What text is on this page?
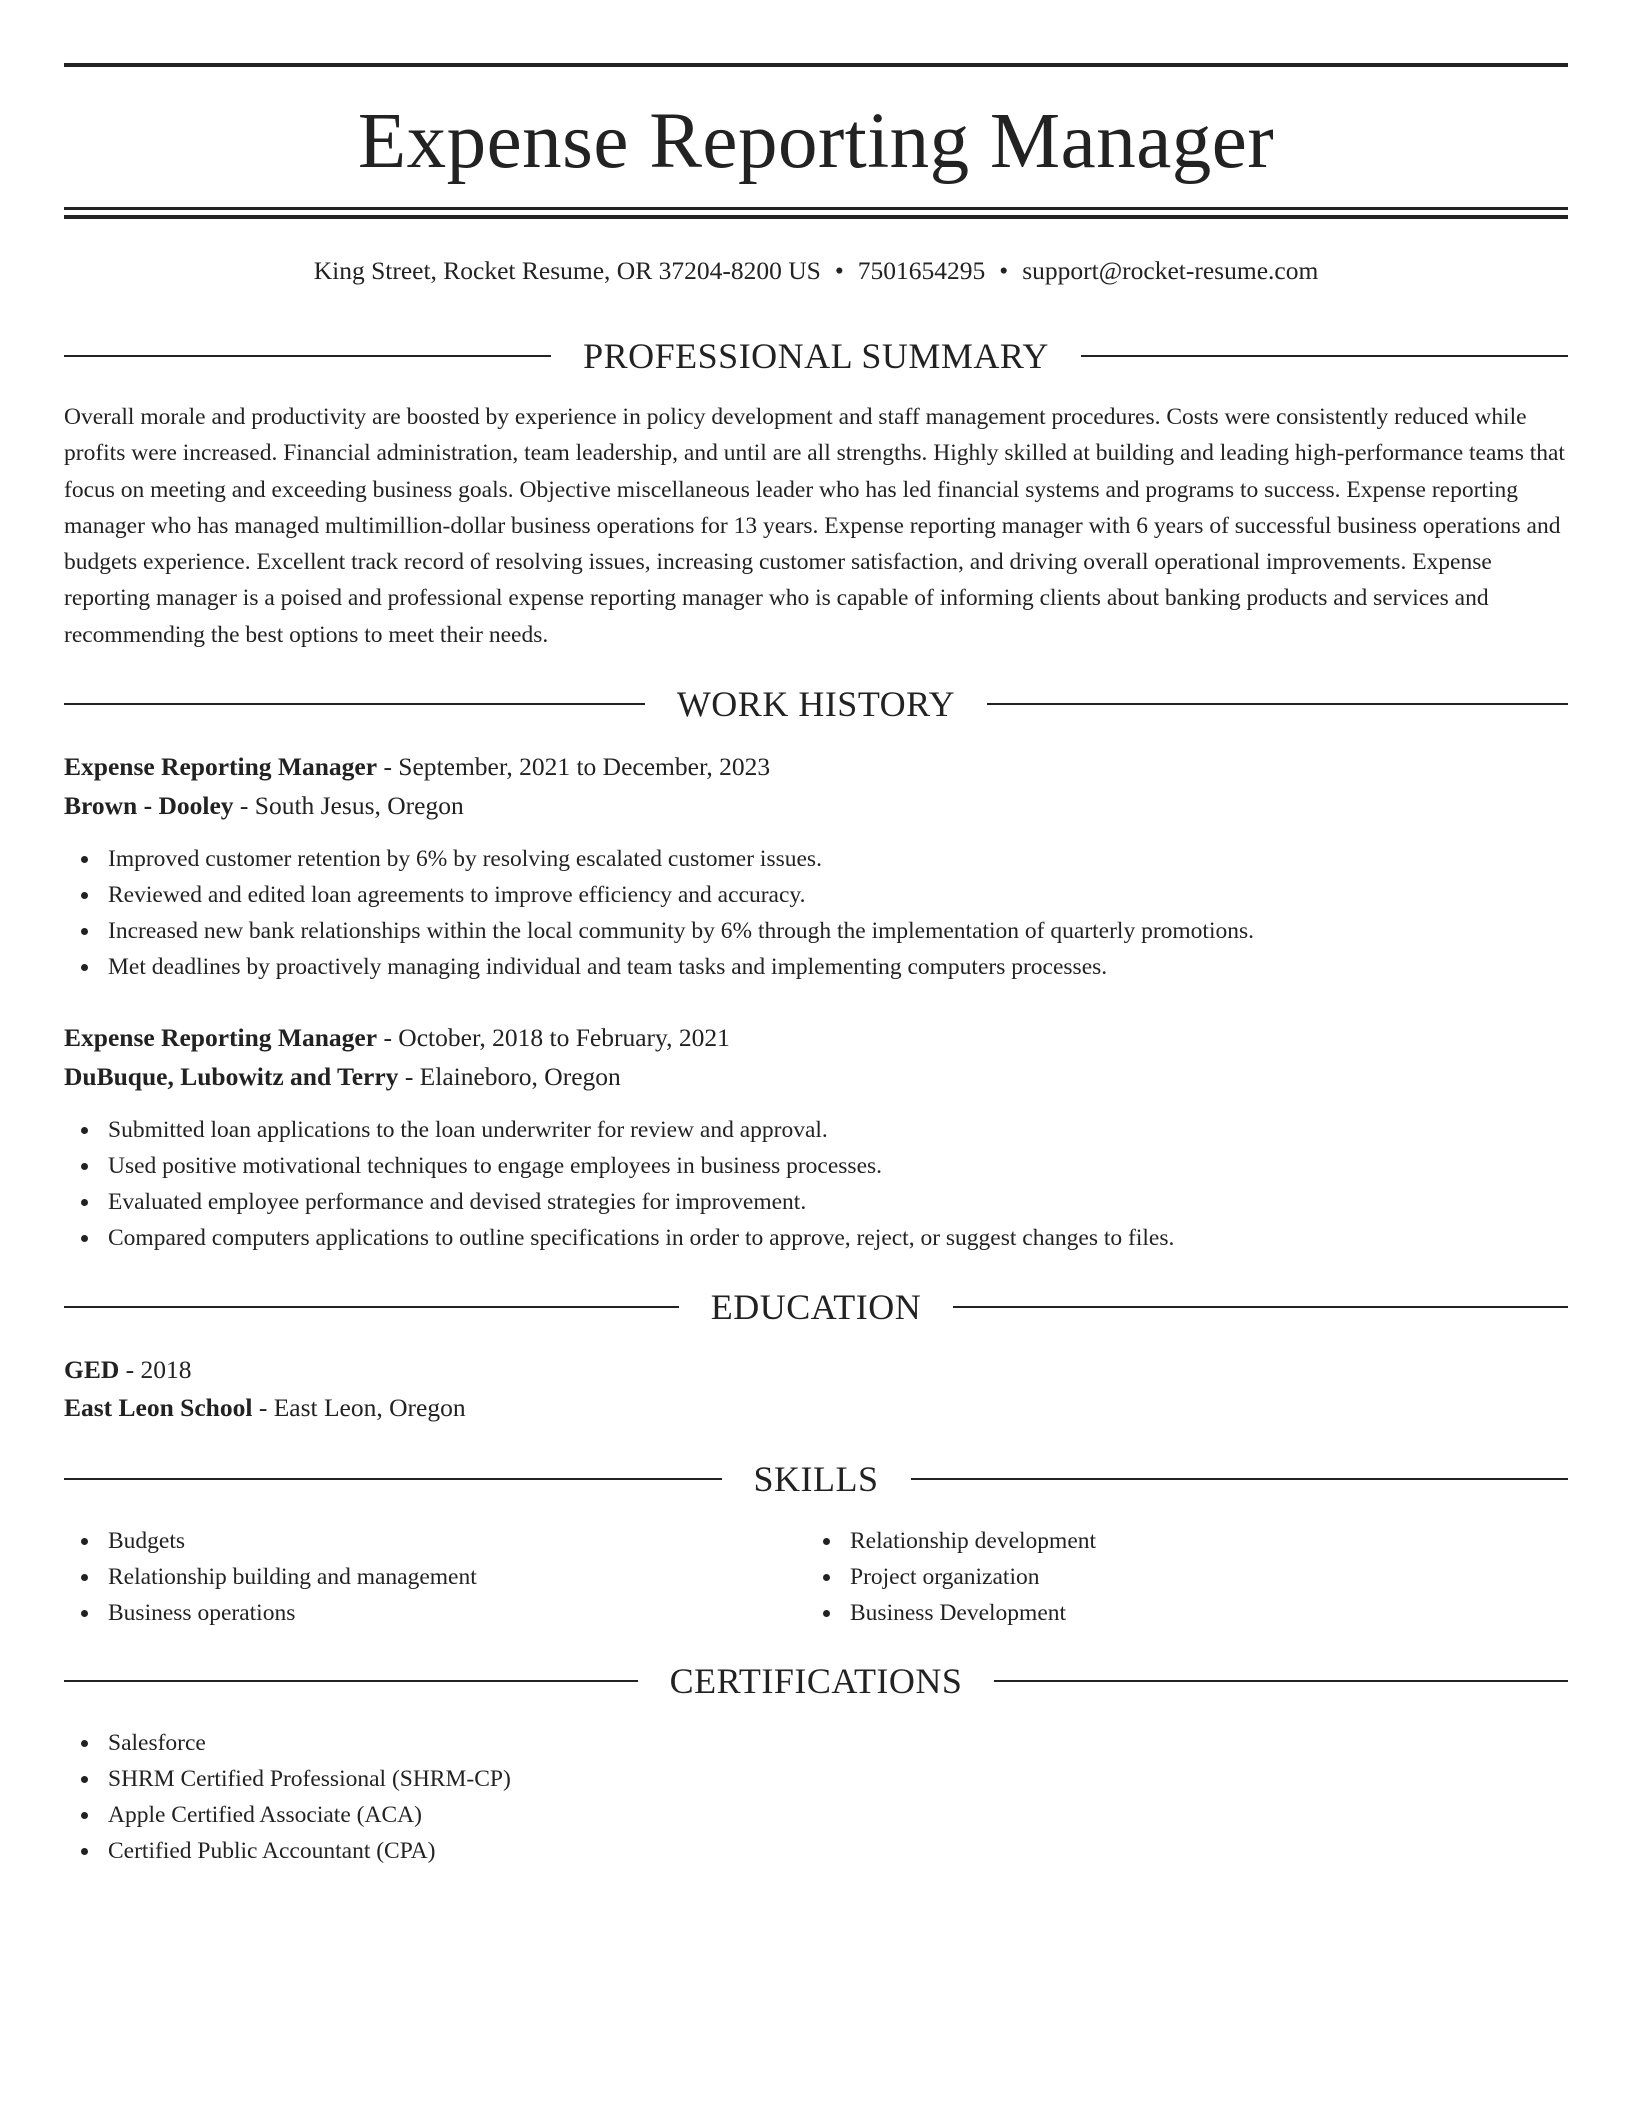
Expense Reporting Manager
King Street, Rocket Resume, OR 37204-8200 US • 7501654295 • support@rocket-resume.com
PROFESSIONAL SUMMARY

Overall morale and productivity are boosted by experience in policy development and staff management procedures. Costs were consistently reduced while profits were increased. Financial administration, team leadership, and until are all strengths. Highly skilled at building and leading high-performance teams that focus on meeting and exceeding business goals. Objective miscellaneous leader who has led financial systems and programs to success. Expense reporting manager who has managed multimillion-dollar business operations for 13 years. Expense reporting manager with 6 years of successful business operations and budgets experience. Excellent track record of resolving issues, increasing customer satisfaction, and driving overall operational improvements. Expense reporting manager is a poised and professional expense reporting manager who is capable of informing clients about banking products and services and recommending the best options to meet their needs.

WORK HISTORY
Expense Reporting Manager - September, 2021 to December, 2023
Brown - Dooley - South Jesus, Oregon
Improved customer retention by 6% by resolving escalated customer issues.
Reviewed and edited loan agreements to improve efficiency and accuracy.
Increased new bank relationships within the local community by 6% through the implementation of quarterly promotions.
Met deadlines by proactively managing individual and team tasks and implementing computers processes.
Expense Reporting Manager - October, 2018 to February, 2021
DuBuque, Lubowitz and Terry - Elaineboro, Oregon
Submitted loan applications to the loan underwriter for review and approval.
Used positive motivational techniques to engage employees in business processes.
Evaluated employee performance and devised strategies for improvement.
Compared computers applications to outline specifications in order to approve, reject, or suggest changes to files.
EDUCATION
GED - 2018
East Leon School - East Leon, Oregon
SKILLS
Budgets
Relationship building and management
Business operations
Relationship development
Project organization
Business Development
CERTIFICATIONS
Salesforce
SHRM Certified Professional (SHRM-CP)
Apple Certified Associate (ACA)
Certified Public Accountant (CPA)
